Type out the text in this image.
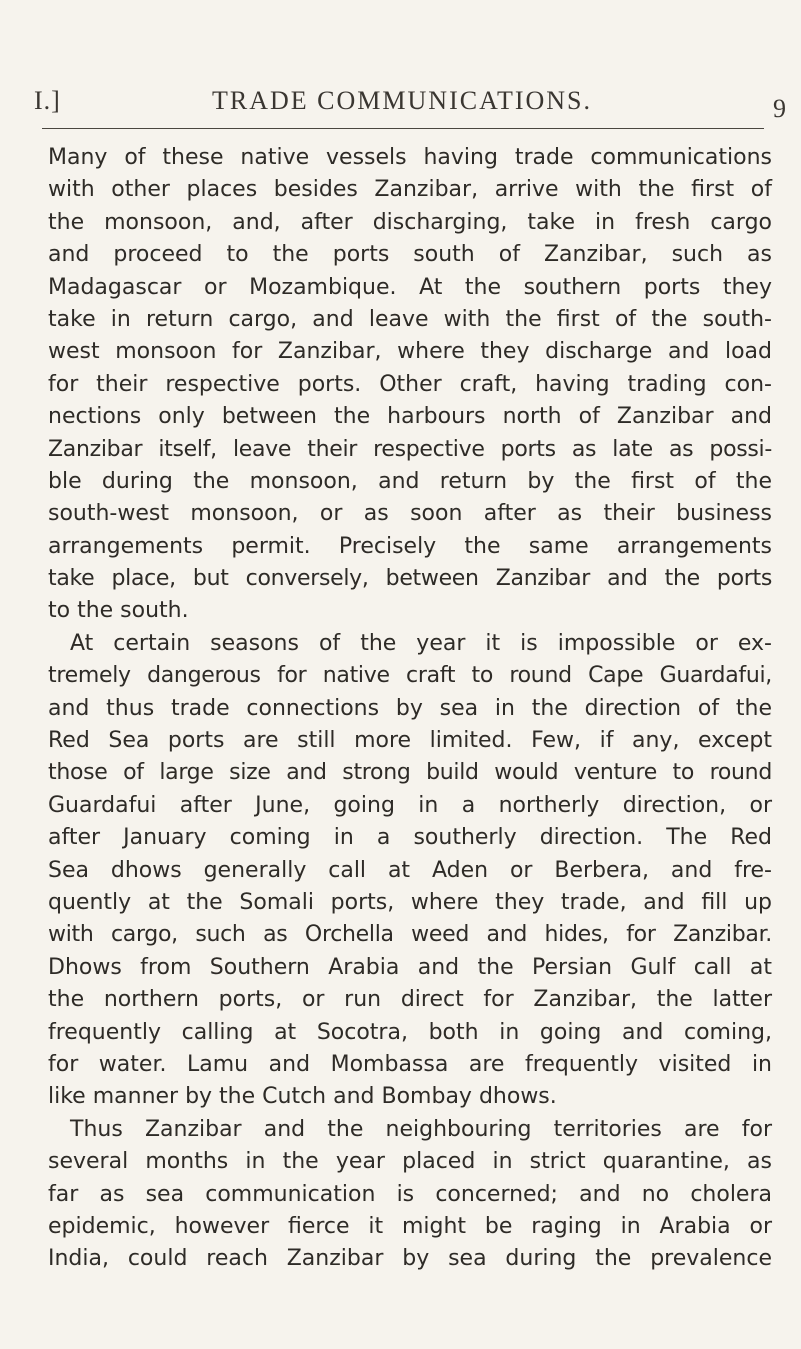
I.]	TRADE COMMUNICATIONS.	9
Many of these native vessels having trade communications
with other places besides Zanzibar, arrive with the first of
the monsoon, and, after discharging, take in fresh cargo
and proceed to the ports south of Zanzibar, such as
Madagascar or Mozambique. At the southern ports they
take in return cargo, and leave with the first of the south-
west monsoon for Zanzibar, where they discharge and load
for their respective ports. Other craft, having trading con-
nections only between the harbours north of Zanzibar and
Zanzibar itself, leave their respective ports as late as possi-
ble during the monsoon, and return by the first of the
south-west monsoon, or as soon after as their business
arrangements permit. Precisely the same arrangements
take place, but conversely, between Zanzibar and the ports
to the south.
At certain seasons of the year it is impossible or ex-
tremely dangerous for native craft to round Cape Guardafui,
and thus trade connections by sea in the direction of the
Red Sea ports are still more limited. Few, if any, except
those of large size and strong build would venture to round
Guardafui after June, going in a northerly direction, or
after January coming in a southerly direction. The Red
Sea dhows generally call at Aden or Berbera, and fre-
quently at the Somali ports, where they trade, and fill up
with cargo, such as Orchella weed and hides, for Zanzibar.
Dhows from Southern Arabia and the Persian Gulf call at
the northern ports, or run direct for Zanzibar, the latter
frequently calling at Socotra, both in going and coming,
for water. Lamu and Mombassa are frequently visited in
like manner by the Cutch and Bombay dhows.
Thus Zanzibar and the neighbouring territories are for
several months in the year placed in strict quarantine, as
far as sea communication is concerned; and no cholera
epidemic, however fierce it might be raging in Arabia or
India, could reach Zanzibar by sea during the prevalence
